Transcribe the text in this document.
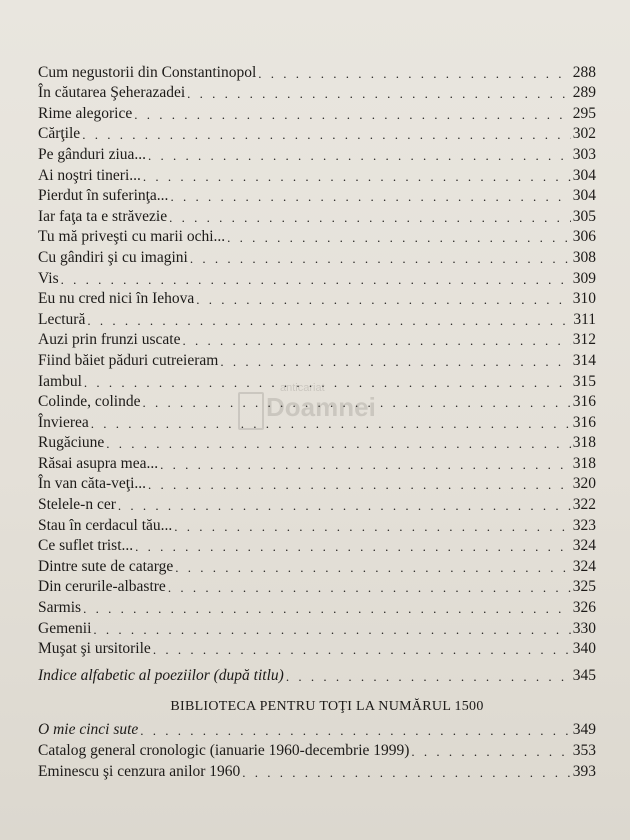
anticariat
Doamnei
Cum negustorii din Constantinopol . . .	288
În căutarea Şeherazadei . . .	289
Rime alegorice . . .	295
Cărţile . . .	302
Pe gânduri ziua... . . .	303
Ai noştri tineri... . . .	304
Pierdut în suferinţa... . . .	304
Iar faţa ta e străvezie . . .	305
Tu mă priveşti cu marii ochi... . . .	306
Cu gândiri şi cu imagini . . .	308
Vis . . .	309
Eu nu cred nici în Iehova . . .	310
Lectură . . .	311
Auzi prin frunzi uscate . . .	312
Fiind băiet păduri cutreieram . . .	314
Iambul . . .	315
Colinde, colinde . . .	316
Învierea . . .	316
Rugăciune . . .	318
Răsai asupra mea... . . .	318
În van căta-veţi... . . .	320
Stelele-n cer . . .	322
Stau în cerdacul tău... . . .	323
Ce suflet trist... . . .	324
Dintre sute de catarge . . .	324
Din cerurile-albastre . . .	325
Sarmis . . .	326
Gemenii . . .	330
Muşat şi ursitorile . . .	340
Indice alfabetic al poeziilor (după titlu) . . .	345
BIBLIOTECA PENTRU TOŢI LA NUMĂRUL 1500
O mie cinci sute . . .	349
Catalog general cronologic (ianuarie 1960-decembrie 1999) . . .	353
Eminescu şi cenzura anilor 1960 . . .	393
